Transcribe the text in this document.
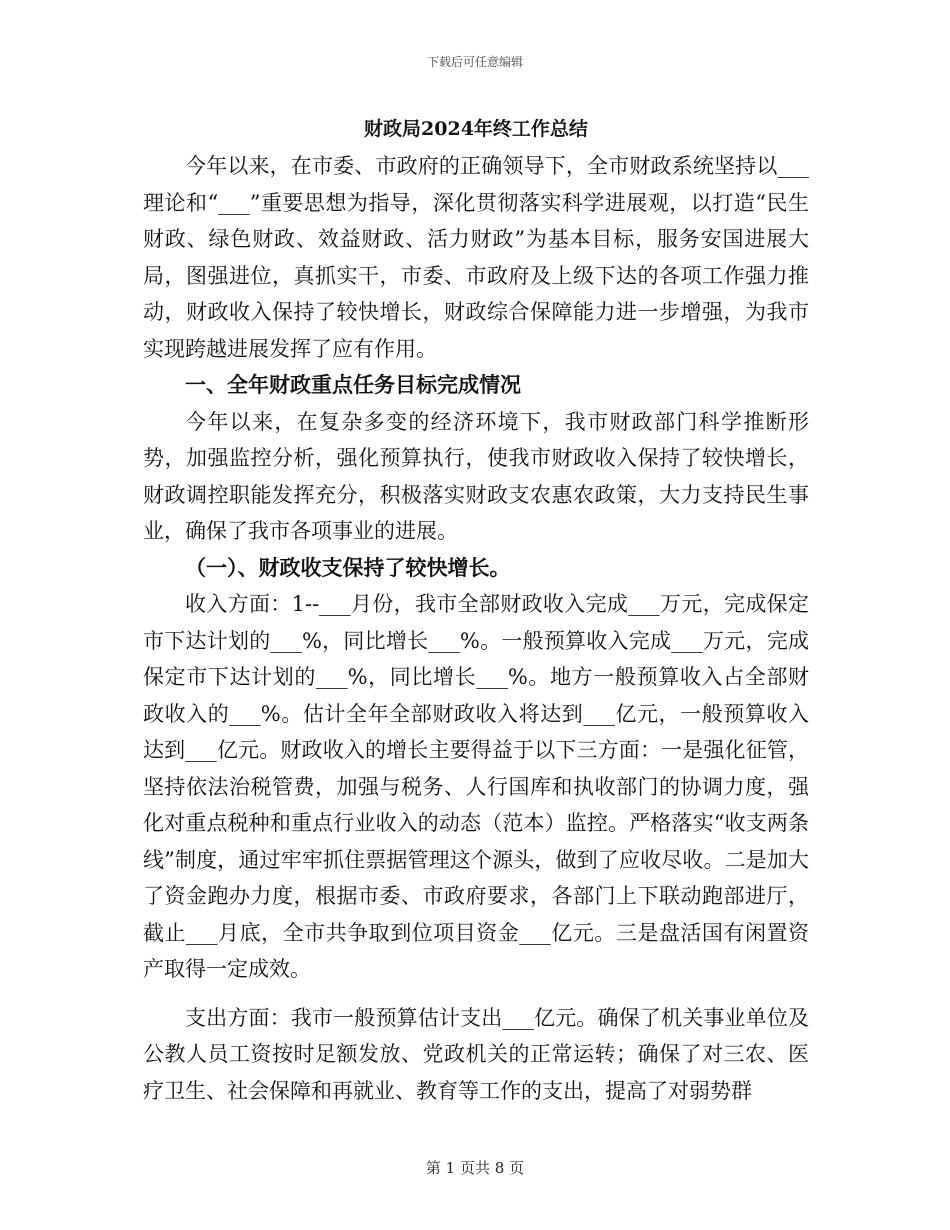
下载后可任意编辑
财政局2024年终工作总结

今年以来，在市委、市政府的正确领导下，全市财政系统坚持以___理论和“___”重要思想为指导，深化贯彻落实科学进展观，以打造“民生财政、绿色财政、效益财政、活力财政”为基本目标，服务安国进展大局，图强进位，真抓实干，市委、市政府及上级下达的各项工作强力推动，财政收入保持了较快增长，财政综合保障能力进一步增强，为我市实现跨越进展发挥了应有作用。

一、全年财政重点任务目标完成情况

今年以来，在复杂多变的经济环境下，我市财政部门科学推断形势，加强监控分析，强化预算执行，使我市财政收入保持了较快增长，财政调控职能发挥充分，积极落实财政支农惠农政策，大力支持民生事业，确保了我市各项事业的进展。

（一）、财政收支保持了较快增长。

收入方面：1--___月份，我市全部财政收入完成___万元，完成保定市下达计划的___%，同比增长___%。一般预算收入完成___万元，完成保定市下达计划的___%，同比增长___%。地方一般预算收入占全部财政收入的___%。估计全年全部财政收入将达到___亿元，一般预算收入达到___亿元。财政收入的增长主要得益于以下三方面：一是强化征管，坚持依法治税管费，加强与税务、人行国库和执收部门的协调力度，强化对重点税种和重点行业收入的动态（范本）监控。严格落实“收支两条线”制度，通过牢牢抓住票据管理这个源头，做到了应收尽收。二是加大了资金跑办力度，根据市委、市政府要求，各部门上下联动跑部进厅，截止___月底，全市共争取到位项目资金___亿元。三是盘活国有闲置资产取得一定成效。

支出方面：我市一般预算估计支出___亿元。确保了机关事业单位及公教人员工资按时足额发放、党政机关的正常运转；确保了对三农、医疗卫生、社会保障和再就业、教育等工作的支出，提高了对弱势群

第 1 页共 8 页
